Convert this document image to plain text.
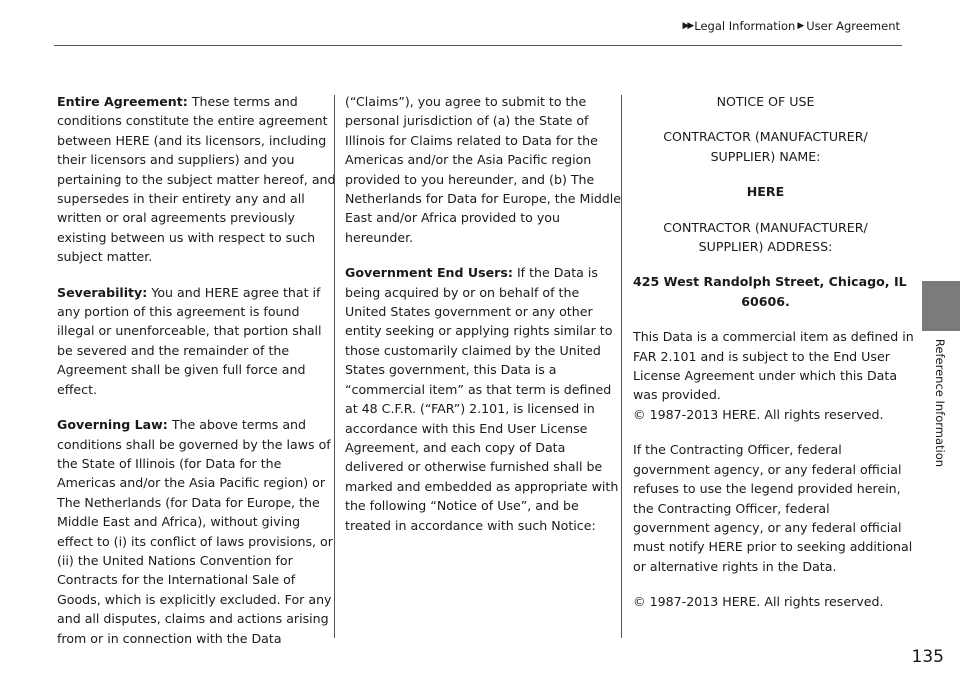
▶▶ Legal Information ▶ User Agreement

Entire Agreement: These terms and
conditions constitute the entire agreement
between HERE (and its licensors, including
their licensors and suppliers) and you
pertaining to the subject matter hereof, and
supersedes in their entirety any and all
written or oral agreements previously
existing between us with respect to such
subject matter.

Severability: You and HERE agree that if
any portion of this agreement is found
illegal or unenforceable, that portion shall
be severed and the remainder of the
Agreement shall be given full force and
effect.

Governing Law: The above terms and
conditions shall be governed by the laws of
the State of Illinois (for Data for the
Americas and/or the Asia Pacific region) or
The Netherlands (for Data for Europe, the
Middle East and Africa), without giving
effect to (i) its conflict of laws provisions, or
(ii) the United Nations Convention for
Contracts for the International Sale of
Goods, which is explicitly excluded. For any
and all disputes, claims and actions arising
from or in connection with the Data

(“Claims”), you agree to submit to the
personal jurisdiction of (a) the State of
Illinois for Claims related to Data for the
Americas and/or the Asia Pacific region
provided to you hereunder, and (b) The
Netherlands for Data for Europe, the Middle
East and/or Africa provided to you
hereunder.

Government End Users: If the Data is
being acquired by or on behalf of the
United States government or any other
entity seeking or applying rights similar to
those customarily claimed by the United
States government, this Data is a
“commercial item” as that term is defined
at 48 C.F.R. (“FAR”) 2.101, is licensed in
accordance with this End User License
Agreement, and each copy of Data
delivered or otherwise furnished shall be
marked and embedded as appropriate with
the following “Notice of Use”, and be
treated in accordance with such Notice:

NOTICE OF USE

CONTRACTOR (MANUFACTURER/
SUPPLIER) NAME:

HERE

CONTRACTOR (MANUFACTURER/
SUPPLIER) ADDRESS:

425 West Randolph Street, Chicago, IL
60606.

This Data is a commercial item as defined in
FAR 2.101 and is subject to the End User
License Agreement under which this Data
was provided.
© 1987-2013 HERE. All rights reserved.

If the Contracting Officer, federal
government agency, or any federal official
refuses to use the legend provided herein,
the Contracting Officer, federal
government agency, or any federal official
must notify HERE prior to seeking additional
or alternative rights in the Data.

© 1987-2013 HERE. All rights reserved.

Reference Information
135
